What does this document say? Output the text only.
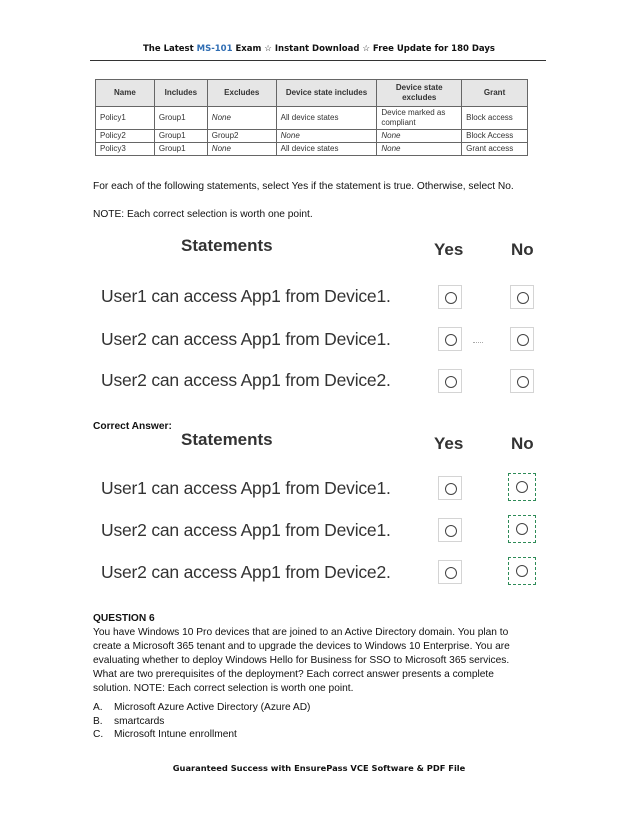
The Latest MS-101 Exam ☆ Instant Download ☆ Free Update for 180 Days
Name	Includes	Excludes	Device state includes	Device state excludes	Grant
Policy1	Group1	None	All device states	Device marked as compliant	Block access
Policy2	Group1	Group2	None	None	Block Access
Policy3	Group1	None	All device states	None	Grant access
For each of the following statements, select Yes if the statement is true. Otherwise, select No.
NOTE: Each correct selection is worth one point.
Statements	Yes	No
User1 can access App1 from Device1.
User2 can access App1 from Device1.
User2 can access App1 from Device2.
Correct Answer:
Statements	Yes	No
User1 can access App1 from Device1.
User2 can access App1 from Device1.
User2 can access App1 from Device2.
QUESTION 6
You have Windows 10 Pro devices that are joined to an Active Directory domain. You plan to
create a Microsoft 365 tenant and to upgrade the devices to Windows 10 Enterprise. You are
evaluating whether to deploy Windows Hello for Business for SSO to Microsoft 365 services.
What are two prerequisites of the deployment? Each correct answer presents a complete
solution. NOTE: Each correct selection is worth one point.
A.	Microsoft Azure Active Directory (Azure AD)
B.	smartcards
C.	Microsoft Intune enrollment
Guaranteed Success with EnsurePass VCE Software & PDF File
